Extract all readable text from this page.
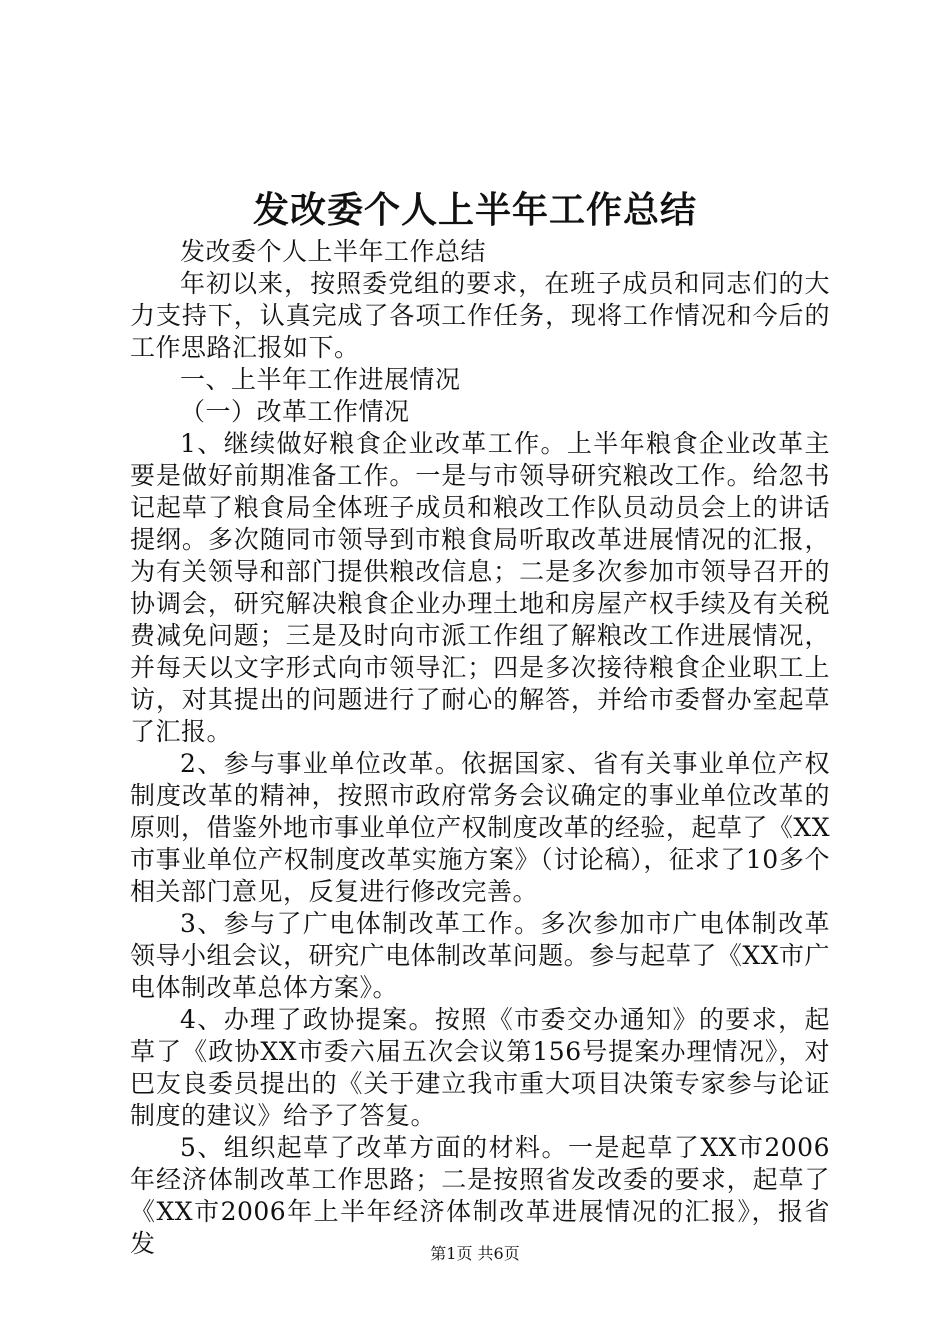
发改委个人上半年工作总结

发改委个人上半年工作总结

年初以来，按照委党组的要求，在班子成员和同志们的大力支持下，认真完成了各项工作任务，现将工作情况和今后的工作思路汇报如下。

一、上半年工作进展情况

（一）改革工作情况

1、继续做好粮食企业改革工作。上半年粮食企业改革主要是做好前期准备工作。一是与市领导研究粮改工作。给忽书记起草了粮食局全体班子成员和粮改工作队员动员会上的讲话提纲。多次随同市领导到市粮食局听取改革进展情况的汇报，为有关领导和部门提供粮改信息；二是多次参加市领导召开的协调会，研究解决粮食企业办理土地和房屋产权手续及有关税费减免问题；三是及时向市派工作组了解粮改工作进展情况，并每天以文字形式向市领导汇；四是多次接待粮食企业职工上访，对其提出的问题进行了耐心的解答，并给市委督办室起草了汇报。

2、参与事业单位改革。依据国家、省有关事业单位产权制度改革的精神，按照市政府常务会议确定的事业单位改革的原则，借鉴外地市事业单位产权制度改革的经验，起草了《XX市事业单位产权制度改革实施方案》（讨论稿），征求了10多个相关部门意见，反复进行修改完善。

3、参与了广电体制改革工作。多次参加市广电体制改革领导小组会议，研究广电体制改革问题。参与起草了《XX市广电体制改革总体方案》。

4、办理了政协提案。按照《市委交办通知》的要求，起草了《政协XX市委六届五次会议第156号提案办理情况》，对巴友良委员提出的《关于建立我市重大项目决策专家参与论证制度的建议》给予了答复。

5、组织起草了改革方面的材料。一是起草了XX市2006年经济体制改革工作思路；二是按照省发改委的要求，起草了《XX市2006年上半年经济体制改革进展情况的汇报》，报省发	第1页 共6页
